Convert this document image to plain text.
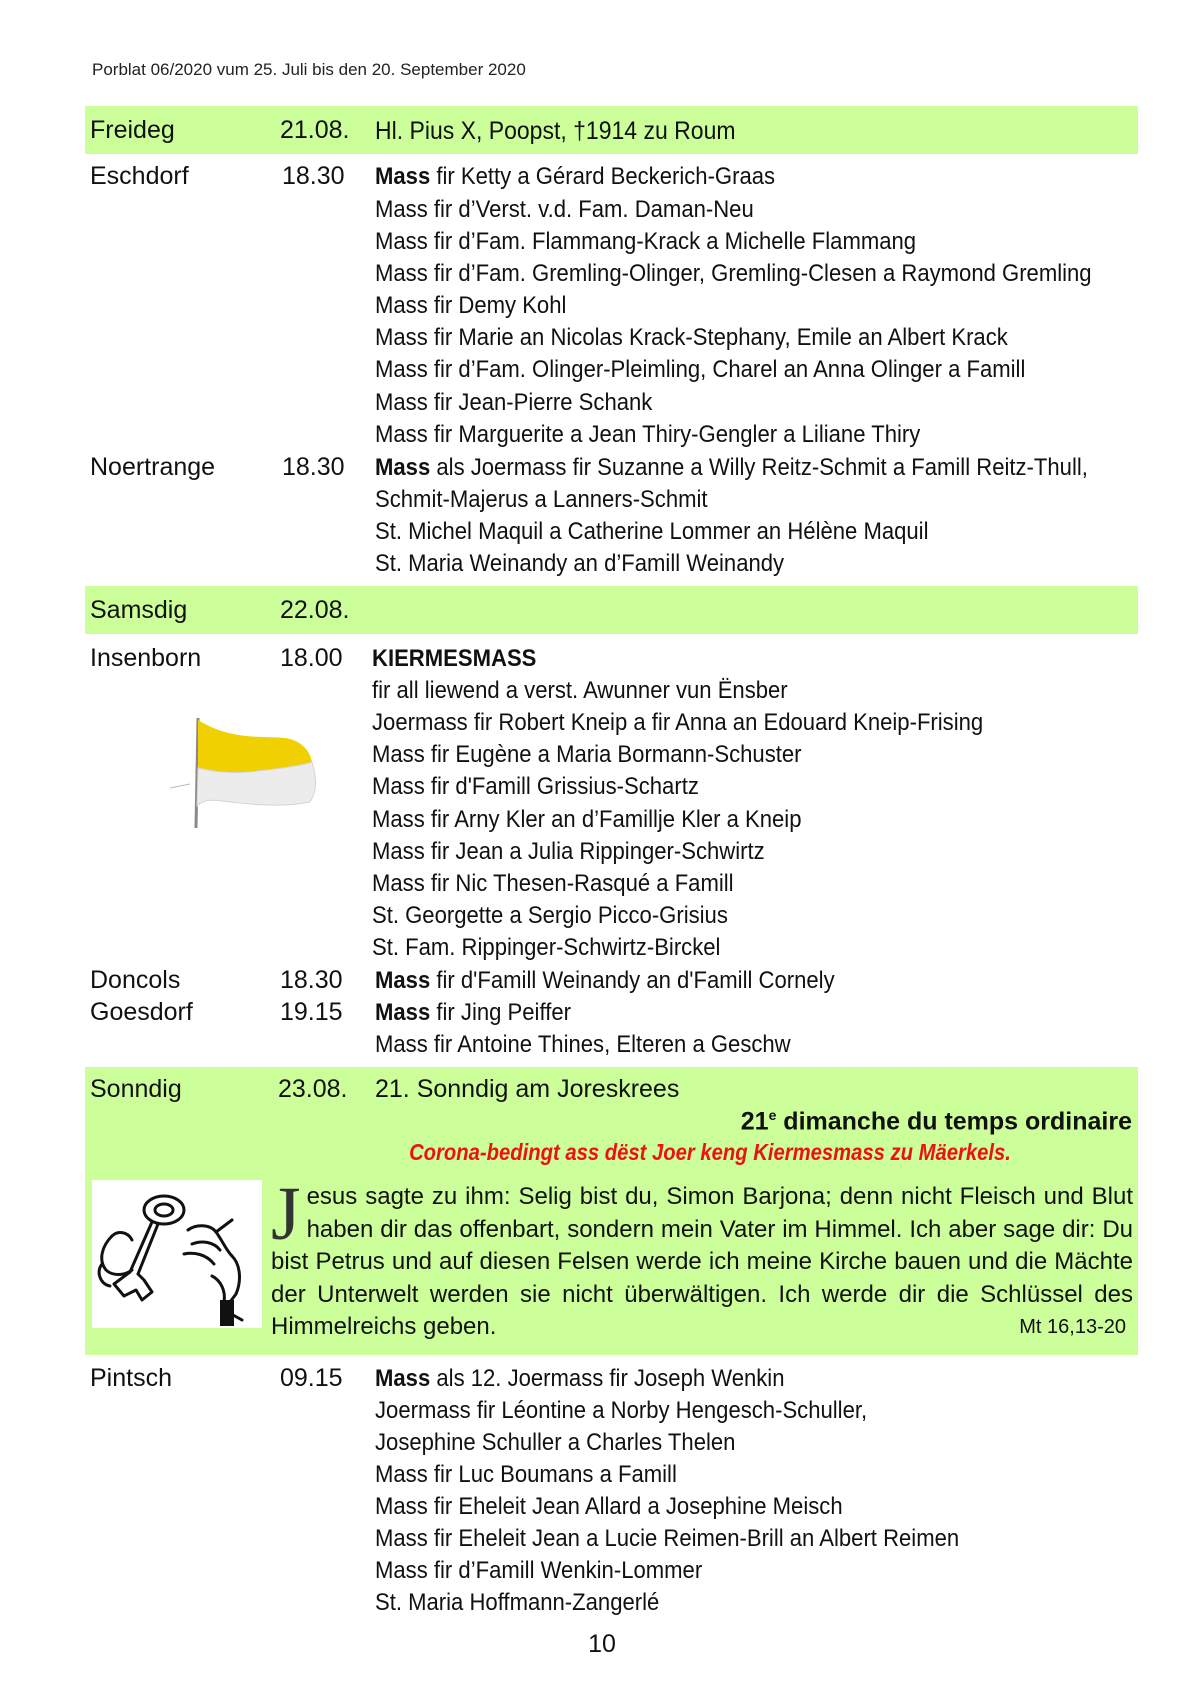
Porblat 06/2020 vum 25. Juli bis den 20. September 2020
Freideg	21.08. Hl. Pius X, Poopst, †1914 zu Roum
Eschdorf	18.30 Mass fir Ketty a Gérard Beckerich-Graas
Mass fir d’Verst. v.d. Fam. Daman-Neu
Mass fir d’Fam. Flammang-Krack a Michelle Flammang
Mass fir d’Fam. Gremling-Olinger, Gremling-Clesen a Raymond Gremling
Mass fir Demy Kohl
Mass fir Marie an Nicolas Krack-Stephany, Emile an Albert Krack
Mass fir d’Fam. Olinger-Pleimling, Charel an Anna Olinger a Famill
Mass fir Jean-Pierre Schank
Mass fir Marguerite a Jean Thiry-Gengler a Liliane Thiry
Noertrange	18.30 Mass als Joermass fir Suzanne a Willy Reitz-Schmit a Famill Reitz-Thull,
Schmit-Majerus a Lanners-Schmit
St. Michel Maquil a Catherine Lommer an Hélène Maquil
St. Maria Weinandy an d’Famill Weinandy
Samsdig	22.08.
Insenborn	18.00 KIERMESMASS
fir all liewend a verst. Awunner vun Ënsber
Joermass fir Robert Kneip a fir Anna an Edouard Kneip-Frising
Mass fir Eugène a Maria Bormann-Schuster
Mass fir d'Famill Grissius-Schartz
Mass fir Arny Kler an d’Famillje Kler a Kneip
Mass fir Jean a Julia Rippinger-Schwirtz
Mass fir Nic Thesen-Rasqué a Famill
St. Georgette a Sergio Picco-Grisius
St. Fam. Rippinger-Schwirtz-Birckel
Doncols	18.30 Mass fir d'Famill Weinandy an d'Famill Cornely
Goesdorf	19.15 Mass fir Jing Peiffer
Mass fir Antoine Thines, Elteren a Geschw
Sonndig	23.08. 21. Sonndig am Joreskrees
21e dimanche du temps ordinaire
Corona-bedingt ass dëst Joer keng Kiermesmass zu Mäerkels.
Jesus sagte zu ihm: Selig bist du, Simon Barjona; denn nicht Fleisch und Blut haben dir das offenbart, sondern mein Vater im Himmel. Ich aber sage dir: Du bist Petrus und auf diesen Felsen werde ich meine Kirche bauen und die Mächte der Unterwelt werden sie nicht überwältigen. Ich werde dir die Schlüssel des Himmelreichs geben.	Mt 16,13-20
Pintsch	09.15 Mass als 12. Joermass fir Joseph Wenkin
Joermass fir Léontine a Norby Hengesch-Schuller,
Josephine Schuller a Charles Thelen
Mass fir Luc Boumans a Famill
Mass fir Eheleit Jean Allard a Josephine Meisch
Mass fir Eheleit Jean a Lucie Reimen-Brill an Albert Reimen
Mass fir d’Famill Wenkin-Lommer
St. Maria Hoffmann-Zangerlé
10
